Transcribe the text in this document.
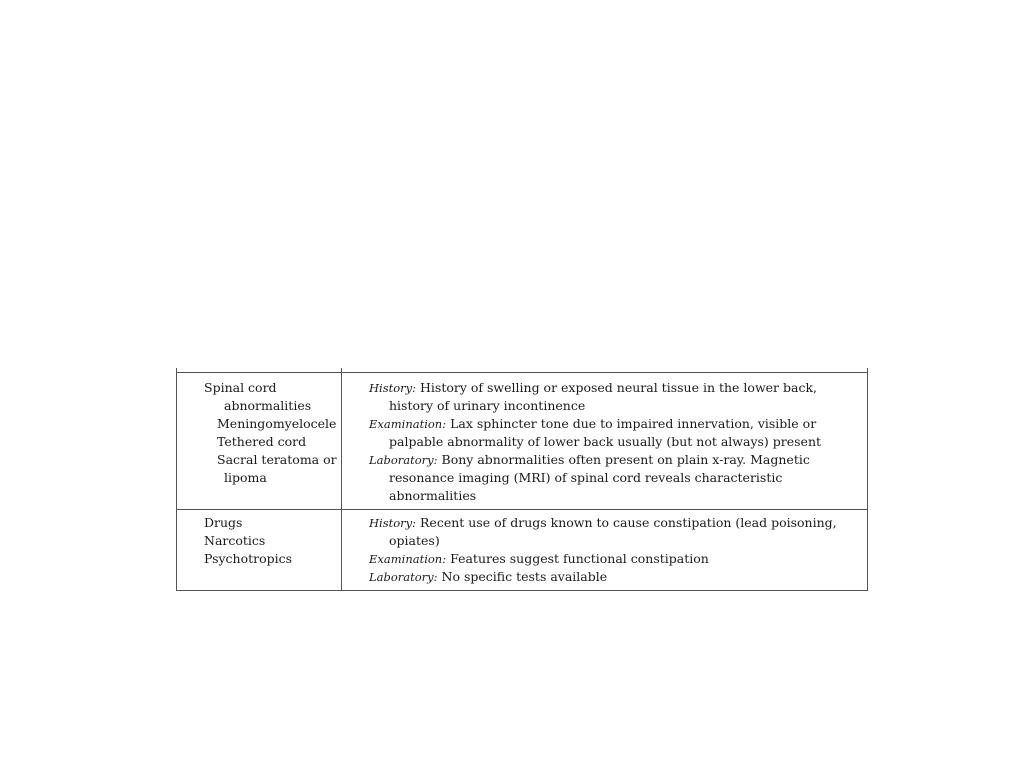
Spinal cord
abnormalities
Meningomyelocele
Tethered cord
Sacral teratoma or
lipoma
History: History of swelling or exposed neural tissue in the lower back, history of urinary incontinence
Examination: Lax sphincter tone due to impaired innervation, visible or palpable abnormality of lower back usually (but not always) present
Laboratory: Bony abnormalities often present on plain x-ray. Magnetic resonance imaging (MRI) of spinal cord reveals characteristic abnormalities
Drugs
Narcotics
Psychotropics
History: Recent use of drugs known to cause constipation (lead poisoning, opiates)
Examination: Features suggest functional constipation
Laboratory: No specific tests available
